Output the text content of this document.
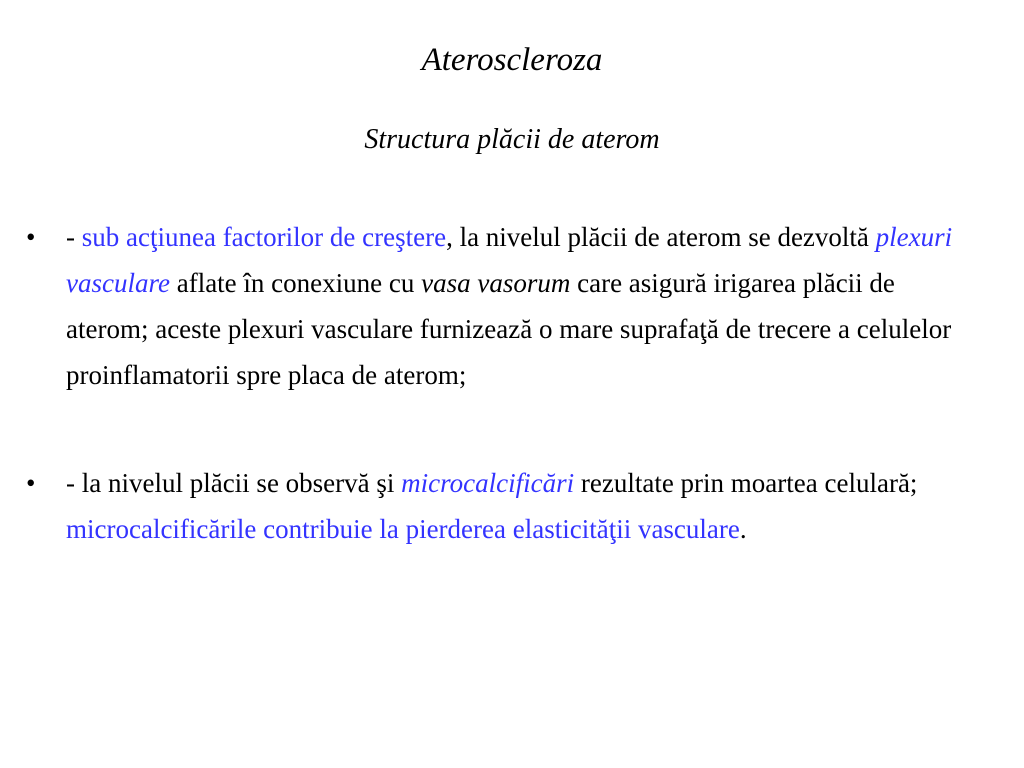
Ateroscleroza
Structura plăcii de aterom
• - sub acţiunea factorilor de creştere, la nivelul plăcii de aterom se dezvoltă plexuri vasculare aflate în conexiune cu vasa vasorum care asigură irigarea plăcii de aterom; aceste plexuri vasculare furnizează o mare suprafaţă de trecere a celulelor proinflamatorii spre placa de aterom;
• - la nivelul plăcii se observă şi microcalcificări rezultate prin moartea celulară; microcalcificările contribuie la pierderea elasticităţii vasculare.
